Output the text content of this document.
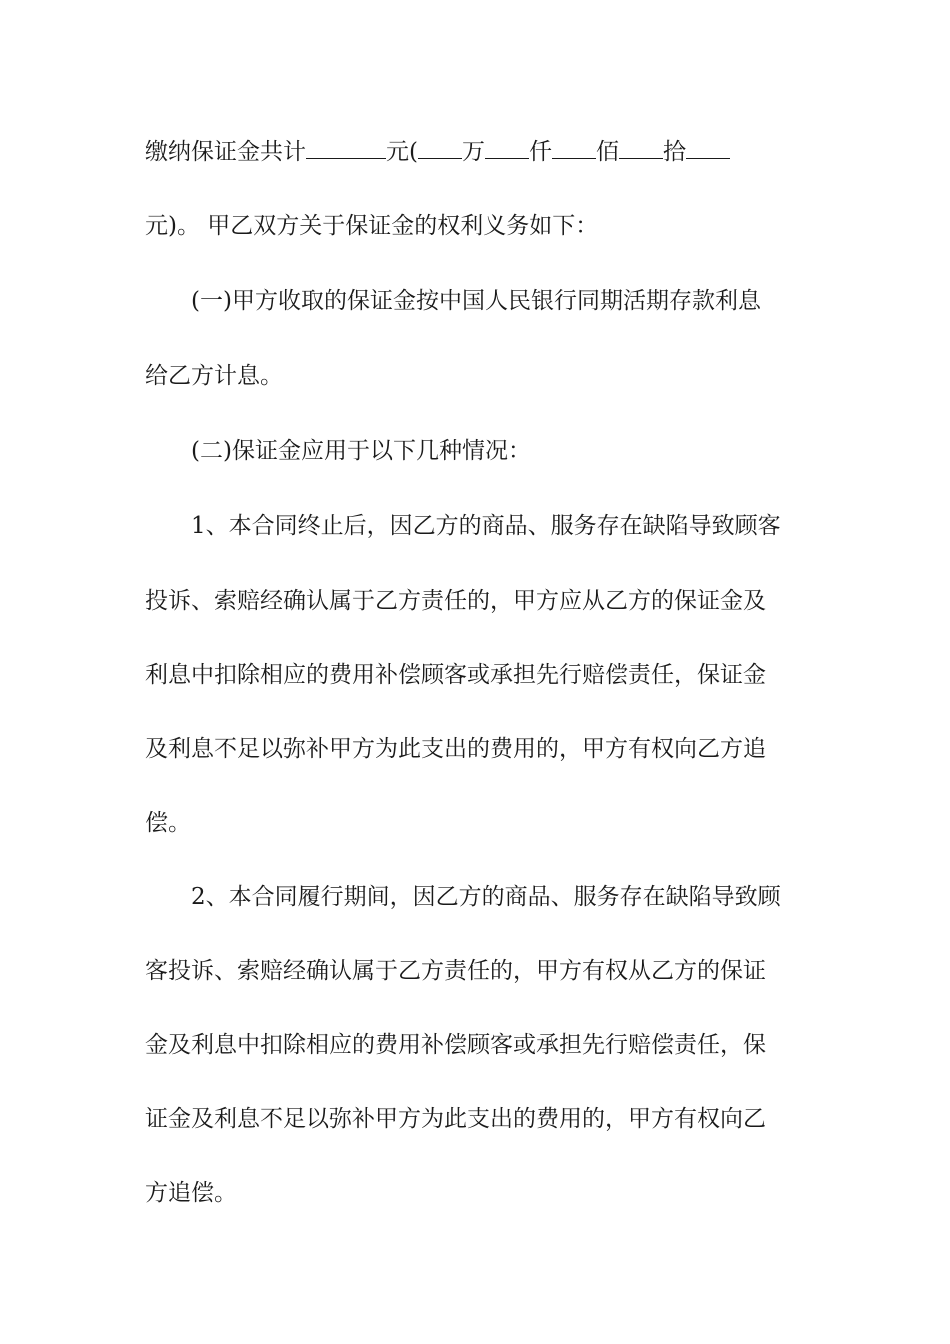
缴纳保证金共计	元( 万 仟 佰 拾
元)。 甲乙双方关于保证金的权利义务如下：
(一)甲方收取的保证金按中国人民银行同期活期存款利息
给乙方计息。
(二)保证金应用于以下几种情况：
1、本合同终止后，因乙方的商品、服务存在缺陷导致顾客
投诉、索赔经确认属于乙方责任的，甲方应从乙方的保证金及
利息中扣除相应的费用补偿顾客或承担先行赔偿责任，保证金
及利息不足以弥补甲方为此支出的费用的，甲方有权向乙方追
偿。
2、本合同履行期间，因乙方的商品、服务存在缺陷导致顾
客投诉、索赔经确认属于乙方责任的，甲方有权从乙方的保证
金及利息中扣除相应的费用补偿顾客或承担先行赔偿责任，保
证金及利息不足以弥补甲方为此支出的费用的，甲方有权向乙
方追偿。
